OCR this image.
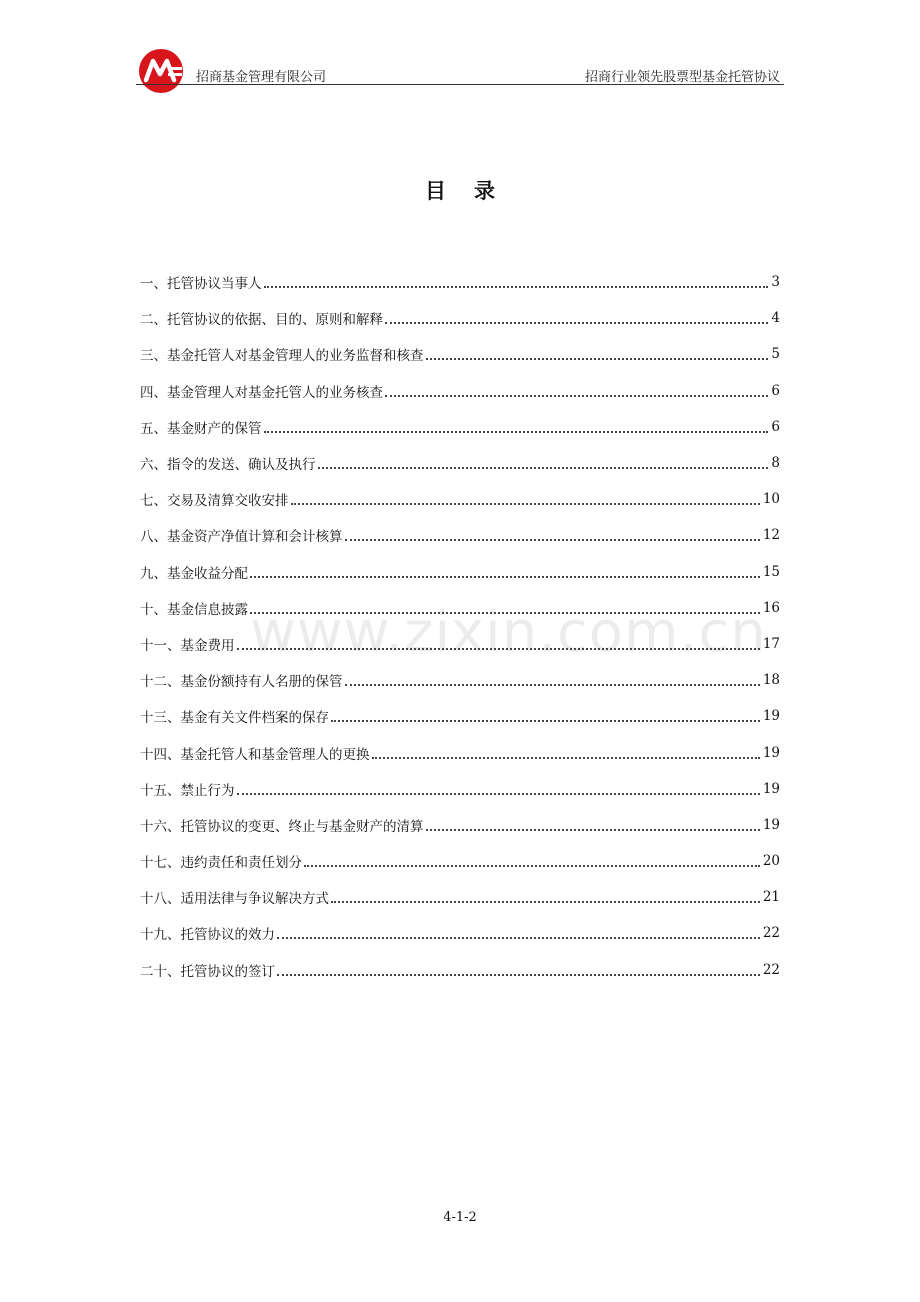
招商基金管理有限公司	招商行业领先股票型基金托管协议
目录
www.zixin.com.cn
一、托管协议当事人	3
二、托管协议的依据、目的、原则和解释	4
三、基金托管人对基金管理人的业务监督和核查	5
四、基金管理人对基金托管人的业务核查	6
五、基金财产的保管	6
六、指令的发送、确认及执行	8
七、交易及清算交收安排	10
八、基金资产净值计算和会计核算	12
九、基金收益分配	15
十、基金信息披露	16
十一、基金费用	17
十二、基金份额持有人名册的保管	18
十三、基金有关文件档案的保存	19
十四、基金托管人和基金管理人的更换	19
十五、禁止行为	19
十六、托管协议的变更、终止与基金财产的清算	19
十七、违约责任和责任划分	20
十八、适用法律与争议解决方式	21
十九、托管协议的效力	22
二十、托管协议的签订	22
4-1-2
